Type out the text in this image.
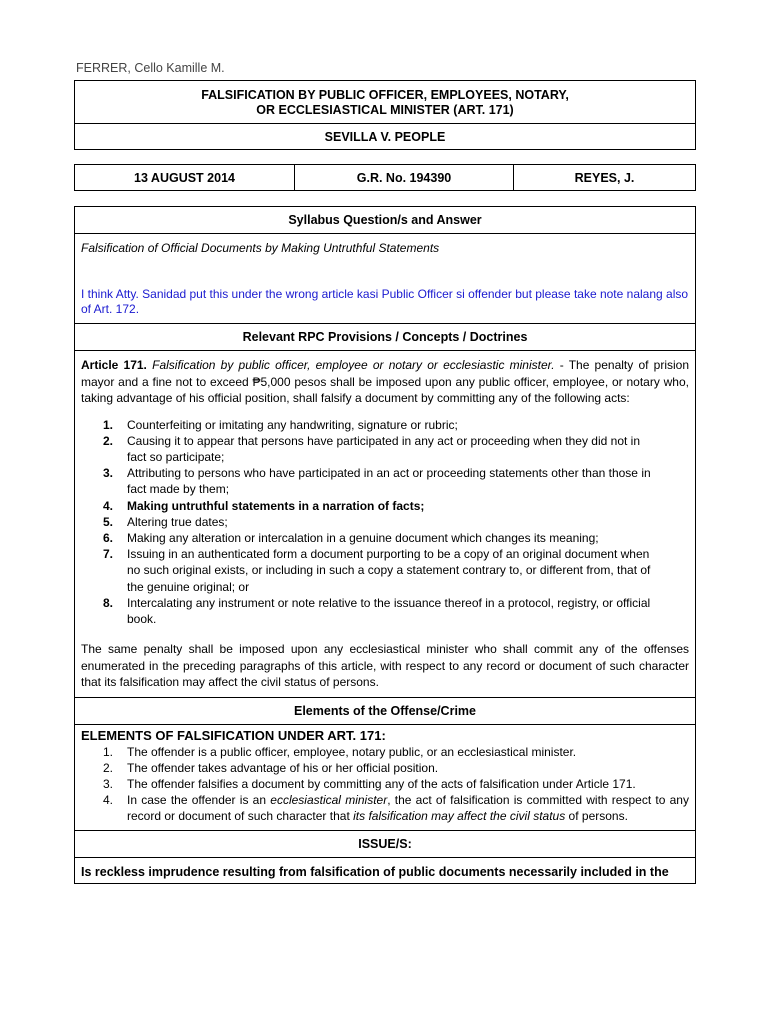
FERRER, Cello Kamille M.
FALSIFICATION BY PUBLIC OFFICER, EMPLOYEES, NOTARY,
OR ECCLESIASTICAL MINISTER (ART. 171)

SEVILLA V. PEOPLE
13 AUGUST 2014	G.R. No. 194390	REYES, J.
Syllabus Question/s and Answer

Falsification of Official Documents by Making Untruthful Statements
I think Atty. Sanidad put this under the wrong article kasi Public Officer si offender but please take note nalang also of Art. 172.

Relevant RPC Provisions / Concepts / Doctrines

Article 171. Falsification by public officer, employee or notary or ecclesiastic minister. - The penalty of prision mayor and a fine not to exceed ₱5,000 pesos shall be imposed upon any public officer, employee, or notary who, taking advantage of his official position, shall falsify a document by committing any of the following acts:
1. Counterfeiting or imitating any handwriting, signature or rubric;
2. Causing it to appear that persons have participated in any act or proceeding when they did not in fact so participate;
3. Attributing to persons who have participated in an act or proceeding statements other than those in fact made by them;
4. Making untruthful statements in a narration of facts;
5. Altering true dates;
6. Making any alteration or intercalation in a genuine document which changes its meaning;
7. Issuing in an authenticated form a document purporting to be a copy of an original document when no such original exists, or including in such a copy a statement contrary to, or different from, that of the genuine original; or
8. Intercalating any instrument or note relative to the issuance thereof in a protocol, registry, or official book.
The same penalty shall be imposed upon any ecclesiastical minister who shall commit any of the offenses enumerated in the preceding paragraphs of this article, with respect to any record or document of such character that its falsification may affect the civil status of persons.

Elements of the Offense/Crime

ELEMENTS OF FALSIFICATION UNDER ART. 171:
1. The offender is a public officer, employee, notary public, or an ecclesiastical minister.
2. The offender takes advantage of his or her official position.
3. The offender falsifies a document by committing any of the acts of falsification under Article 171.
4. In case the offender is an ecclesiastical minister, the act of falsification is committed with respect to any record or document of such character that its falsification may affect the civil status of persons.

ISSUE/S:

Is reckless imprudence resulting from falsification of public documents necessarily included in the
